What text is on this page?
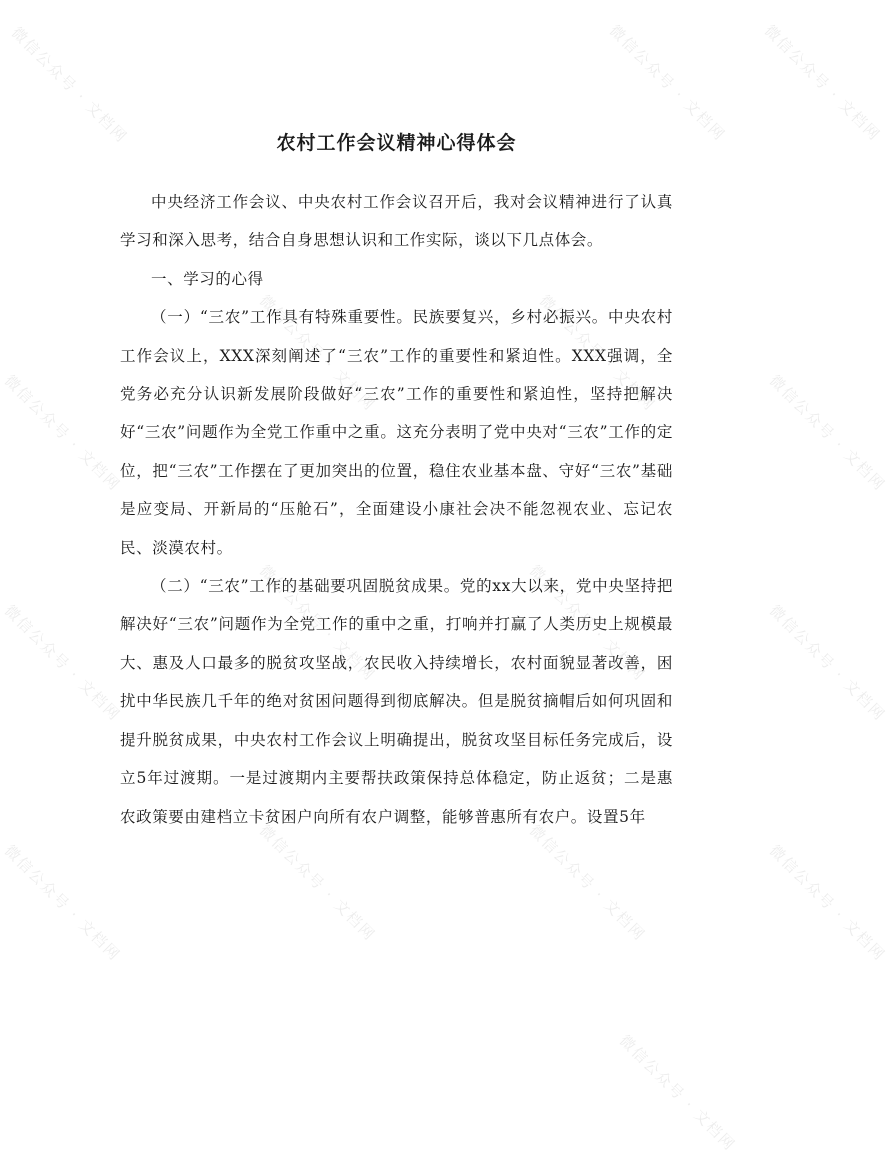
微信公众号 · 文档网	微信公众号 · 文档网 微信公众号 · 文档网
微信公众号 · 文档网	微信公众号 · 文档网
微信公众号 · 文档网	微信公众号 · 文档网
微信公众号 · 文档网	微信公众号 · 文档网
微信公众号 · 文档网	微信公众号 · 文档网
微信公众号 · 文档网	微信公众号 · 文档网
微信公众号 · 文档网	微信公众号 · 文档网
微信公众号 · 文档网
农村工作会议精神心得体会

中央经济工作会议、中央农村工作会议召开后，我对会议精神进行了认真学习和深入思考，结合自身思想认识和工作实际，谈以下几点体会。

一、学习的心得

（一）“三农”工作具有特殊重要性。民族要复兴，乡村必振兴。中央农村工作会议上，XXX深刻阐述了“三农”工作的重要性和紧迫性。XXX强调，全党务必充分认识新发展阶段做好“三农”工作的重要性和紧迫性，坚持把解决好“三农”问题作为全党工作重中之重。这充分表明了党中央对“三农”工作的定位，把“三农”工作摆在了更加突出的位置，稳住农业基本盘、守好“三农”基础是应变局、开新局的“压舱石”，全面建设小康社会决不能忽视农业、忘记农民、淡漠农村。

（二）“三农”工作的基础要巩固脱贫成果。党的xx大以来，党中央坚持把解决好“三农”问题作为全党工作的重中之重，打响并打赢了人类历史上规模最大、惠及人口最多的脱贫攻坚战，农民收入持续增长，农村面貌显著改善，困扰中华民族几千年的绝对贫困问题得到彻底解决。但是脱贫摘帽后如何巩固和提升脱贫成果，中央农村工作会议上明确提出，脱贫攻坚目标任务完成后，设立5年过渡期。一是过渡期内主要帮扶政策保持总体稳定，防止返贫；二是惠农政策要由建档立卡贫困户向所有农户调整，能够普惠所有农户。设置5年
